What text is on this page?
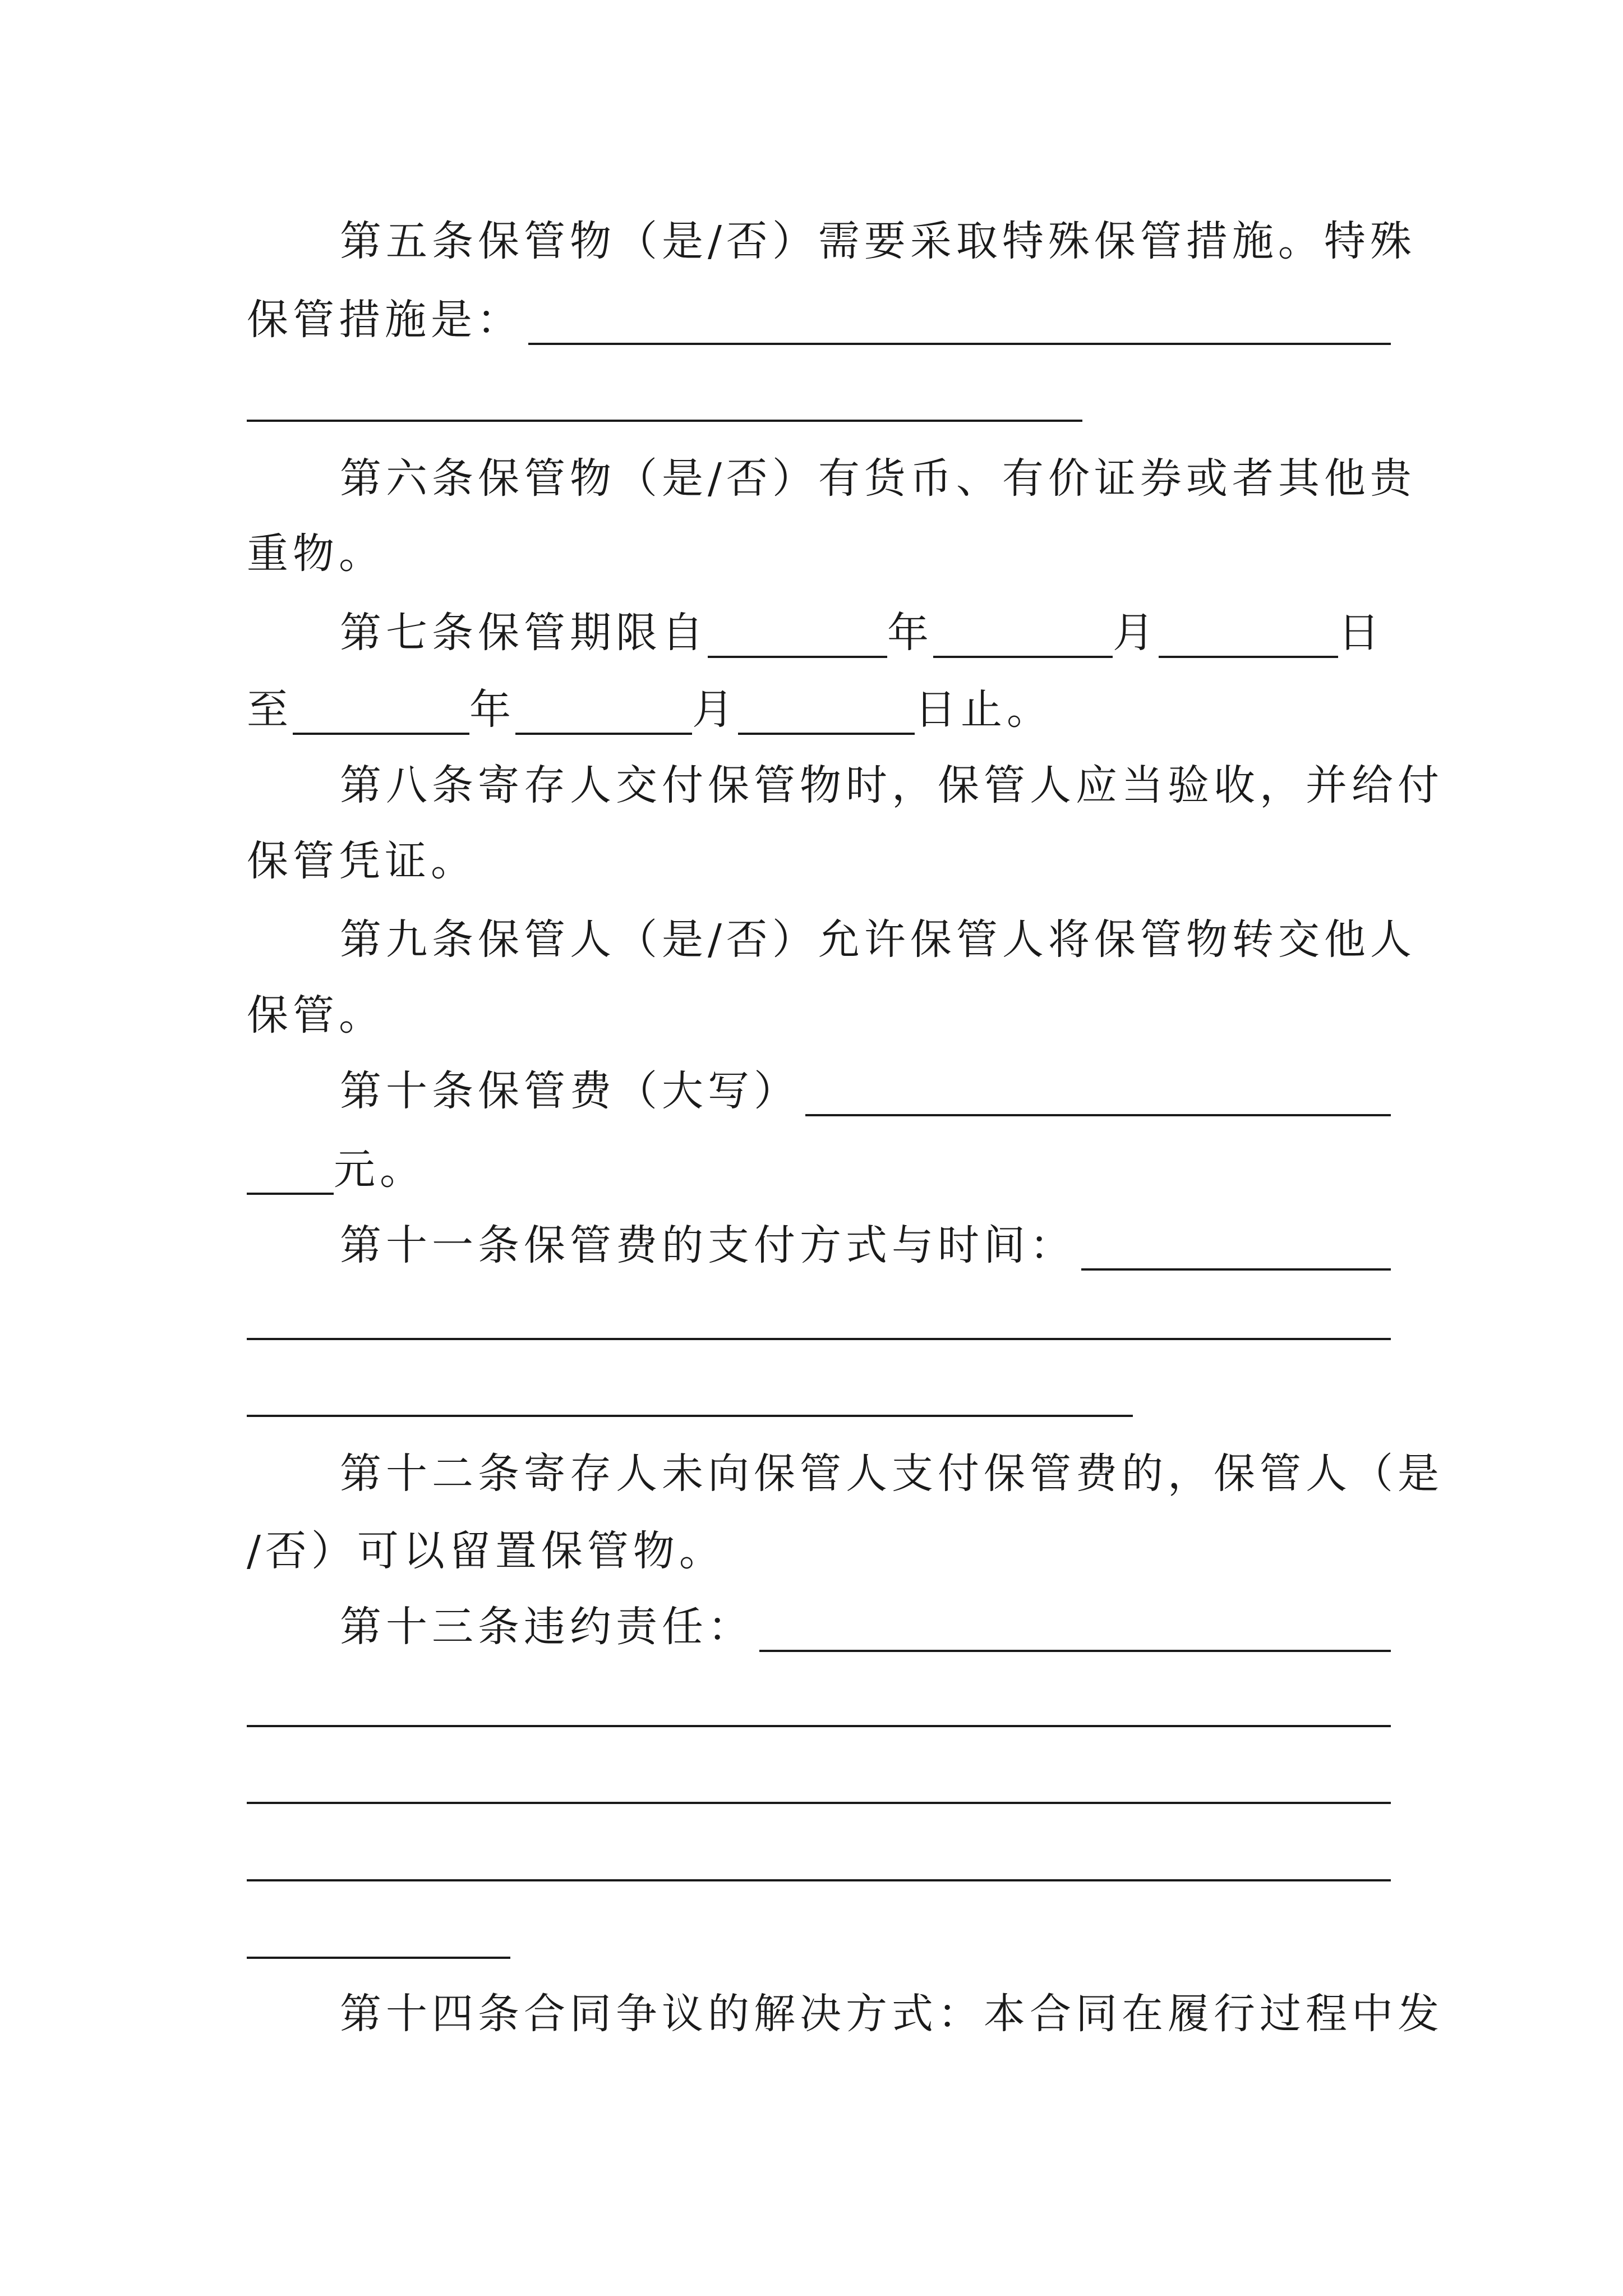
第五条保管物（是/否）需要采取特殊保管措施。特殊
保管措施是：
第六条保管物（是/否）有货币、有价证券或者其他贵
重物。
第七条保管期限自	年	月	日
至	年	月	日止。
第八条寄存人交付保管物时，保管人应当验收，并给付
保管凭证。
第九条保管人（是/否）允许保管人将保管物转交他人
保管。
第十条保管费（大写）
元。
第十一条保管费的支付方式与时间：
第十二条寄存人未向保管人支付保管费的，保管人（是
/否）可以留置保管物。
第十三条违约责任：
第十四条合同争议的解决方式：本合同在履行过程中发
